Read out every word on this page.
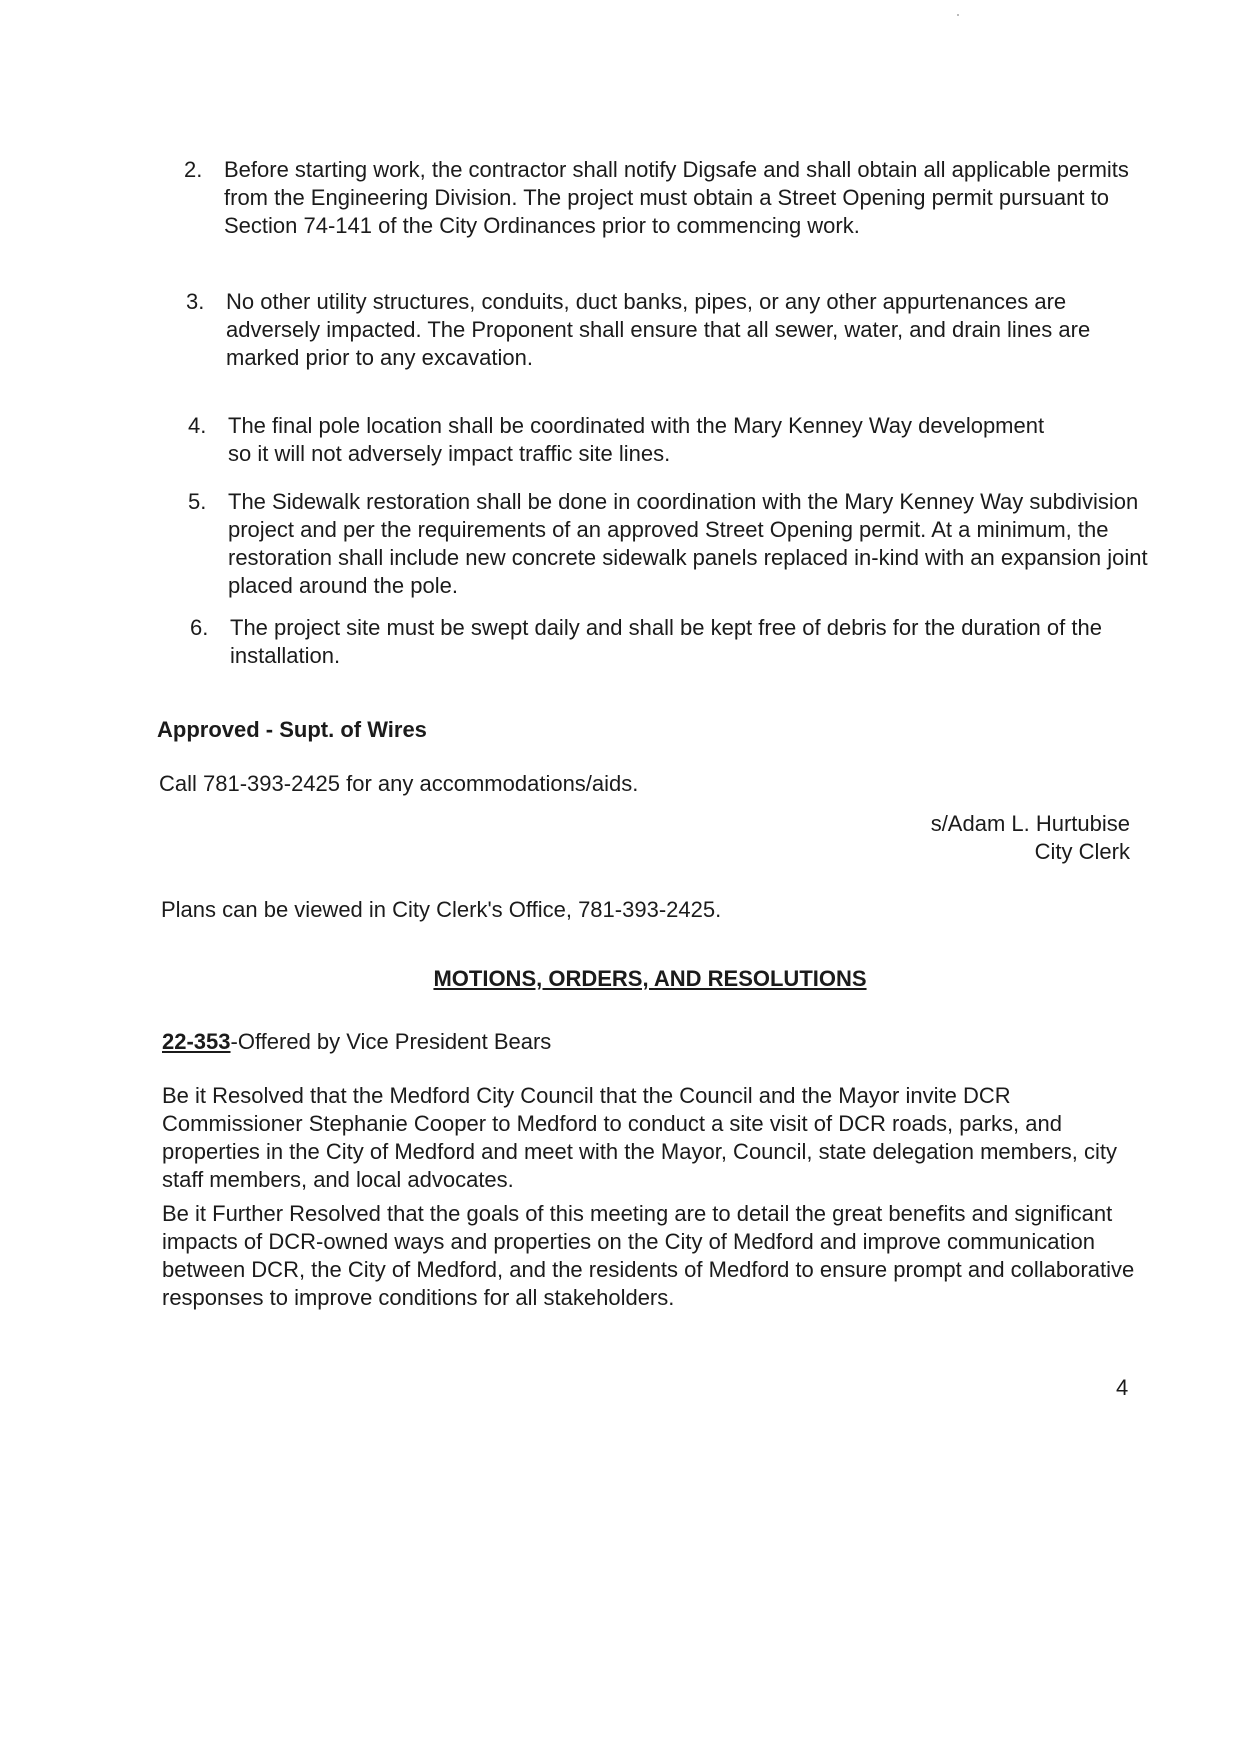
2. Before starting work, the contractor shall notify Digsafe and shall obtain all applicable permits from the Engineering Division. The project must obtain a Street Opening permit pursuant to Section 74-141 of the City Ordinances prior to commencing work.
3. No other utility structures, conduits, duct banks, pipes, or any other appurtenances are adversely impacted. The Proponent shall ensure that all sewer, water, and drain lines are marked prior to any excavation.
4. The final pole location shall be coordinated with the Mary Kenney Way development so it will not adversely impact traffic site lines.
5. The Sidewalk restoration shall be done in coordination with the Mary Kenney Way subdivision project and per the requirements of an approved Street Opening permit. At a minimum, the restoration shall include new concrete sidewalk panels replaced in-kind with an expansion joint placed around the pole.
6. The project site must be swept daily and shall be kept free of debris for the duration of the installation.
Approved - Supt. of Wires
Call 781-393-2425 for any accommodations/aids.
s/Adam L. Hurtubise
City Clerk
Plans can be viewed in City Clerk's Office, 781-393-2425.
MOTIONS, ORDERS, AND RESOLUTIONS
22-353-Offered by Vice President Bears
Be it Resolved that the Medford City Council that the Council and the Mayor invite DCR Commissioner Stephanie Cooper to Medford to conduct a site visit of DCR roads, parks, and properties in the City of Medford and meet with the Mayor, Council, state delegation members, city staff members, and local advocates.
Be it Further Resolved that the goals of this meeting are to detail the great benefits and significant impacts of DCR-owned ways and properties on the City of Medford and improve communication between DCR, the City of Medford, and the residents of Medford to ensure prompt and collaborative responses to improve conditions for all stakeholders.
4
